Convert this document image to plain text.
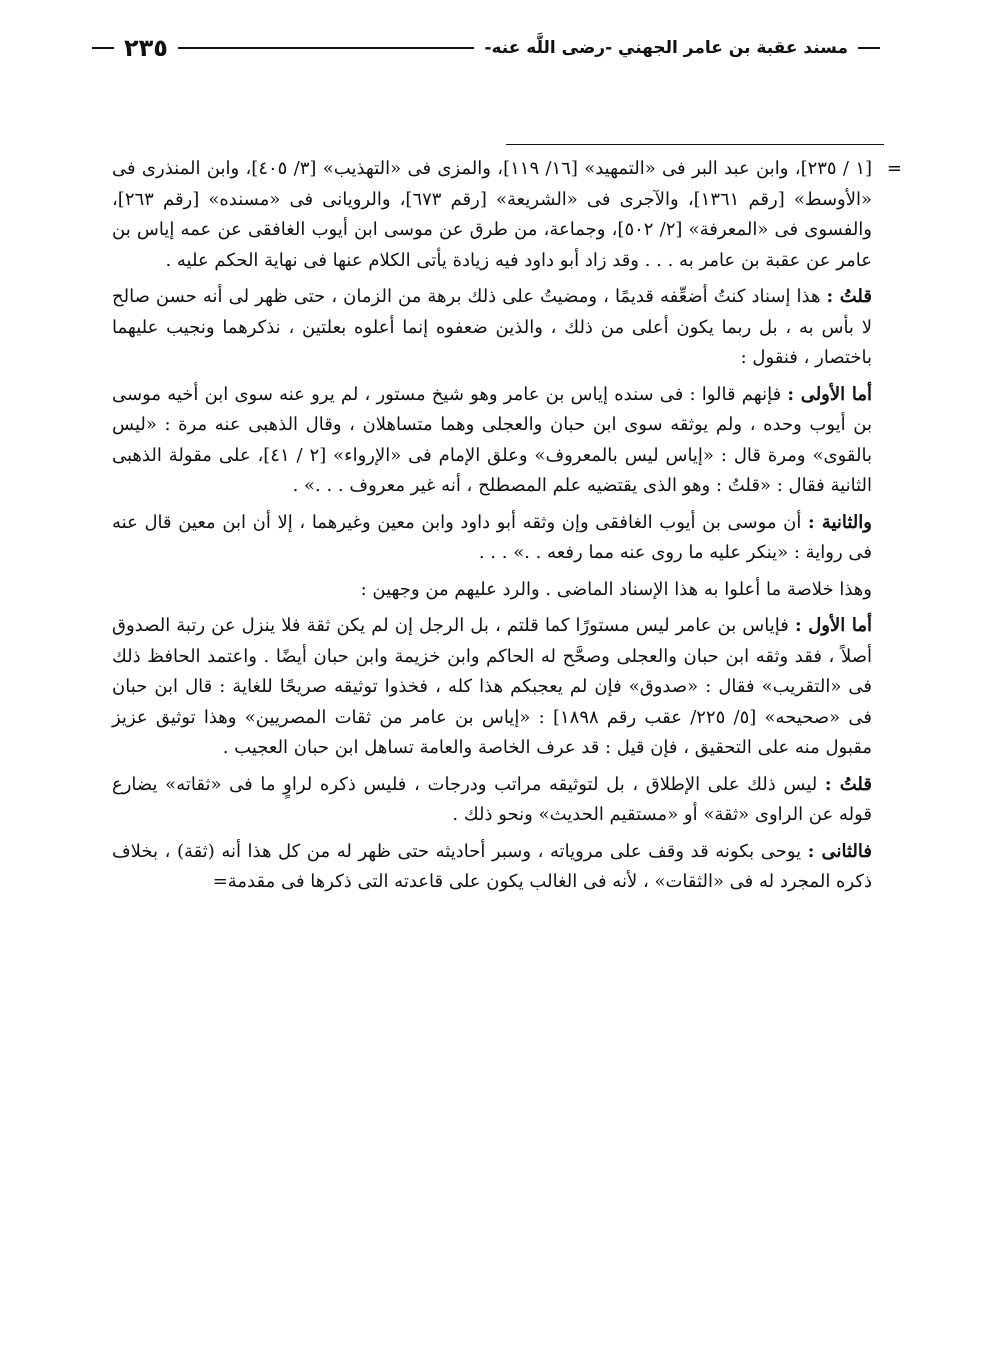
مسند عقبة بن عامر الجهني -رضى اللَّه عنه-
٢٣٥

=
[١ / ٢٣٥]، وابن عبد البر فى «التمهيد» [١٦/ ١١٩]، والمزى فى «التهذيب» [٣/ ٤٠٥]، وابن المنذرى فى «الأوسط» [رقم ١٣٦١]، والآجرى فى «الشريعة» [رقم ٦٧٣]، والرويانى فى «مسنده» [رقم ٢٦٣]، والفسوى فى «المعرفة» [٢/ ٥٠٢]، وجماعة، من طرق عن موسى ابن أيوب الغافقى عن عمه إياس بن عامر عن عقبة بن عامر به . . . وقد زاد أبو داود فيه زيادة يأتى الكلام عنها فى نهاية الحكم عليه .

قلتُ : هذا إسناد كنتُ أضعِّفه قديمًا ، ومضيتُ على ذلك برهة من الزمان ، حتى ظهر لى أنه حسن صالح لا بأس به ، بل ربما يكون أعلى من ذلك ، والذين ضعفوه إنما أعلوه بعلتين ، نذكرهما ونجيب عليهما باختصار ، فنقول :

أما الأولى : فإنهم قالوا : فى سنده إياس بن عامر وهو شيخ مستور ، لم يرو عنه سوى ابن أخيه موسى بن أيوب وحده ، ولم يوثقه سوى ابن حبان والعجلى وهما متساهلان ، وقال الذهبى عنه مرة : «ليس بالقوى» ومرة قال : «إياس ليس بالمعروف» وعلق الإمام فى «الإرواء» [٢ / ٤١]، على مقولة الذهبى الثانية فقال : «قلتُ : وهو الذى يقتضيه علم المصطلح ، أنه غير معروف . . .» .

والثانية : أن موسى بن أيوب الغافقى وإن وثقه أبو داود وابن معين وغيرهما ، إلا أن ابن معين قال عنه فى رواية : «ينكر عليه ما روى عنه مما رفعه . .» . . .

وهذا خلاصة ما أعلوا به هذا الإسناد الماضى . والرد عليهم من وجهين :

أما الأول : فإياس بن عامر ليس مستورًا كما قلتم ، بل الرجل إن لم يكن ثقة فلا ينزل عن رتبة الصدوق أصلاً ، فقد وثقه ابن حبان والعجلى وصحَّح له الحاكم وابن خزيمة وابن حبان أيضًا . واعتمد الحافظ ذلك فى «التقريب» فقال : «صدوق» فإن لم يعجبكم هذا كله ، فخذوا توثيقه صريحًا للغاية : قال ابن حبان فى «صحيحه» [٥/ ٢٢٥/ عقب رقم ١٨٩٨] : «إياس بن عامر من ثقات المصريين» وهذا توثيق عزيز مقبول منه على التحقيق ، فإن قيل : قد عرف الخاصة والعامة تساهل ابن حبان العجيب .

قلتُ : ليس ذلك على الإطلاق ، بل لتوثيقه مراتب ودرجات ، فليس ذكره لراوٍ ما فى «ثقاته» يضارع قوله عن الراوى «ثقة» أو «مستقيم الحديث» ونحو ذلك .

فالثانى : يوحى بكونه قد وقف على مروياته ، وسبر أحاديثه حتى ظهر له من كل هذا أنه (ثقة) ، بخلاف ذكره المجرد له فى «الثقات» ، لأنه فى الغالب يكون على قاعدته التى ذكرها فى مقدمة=
